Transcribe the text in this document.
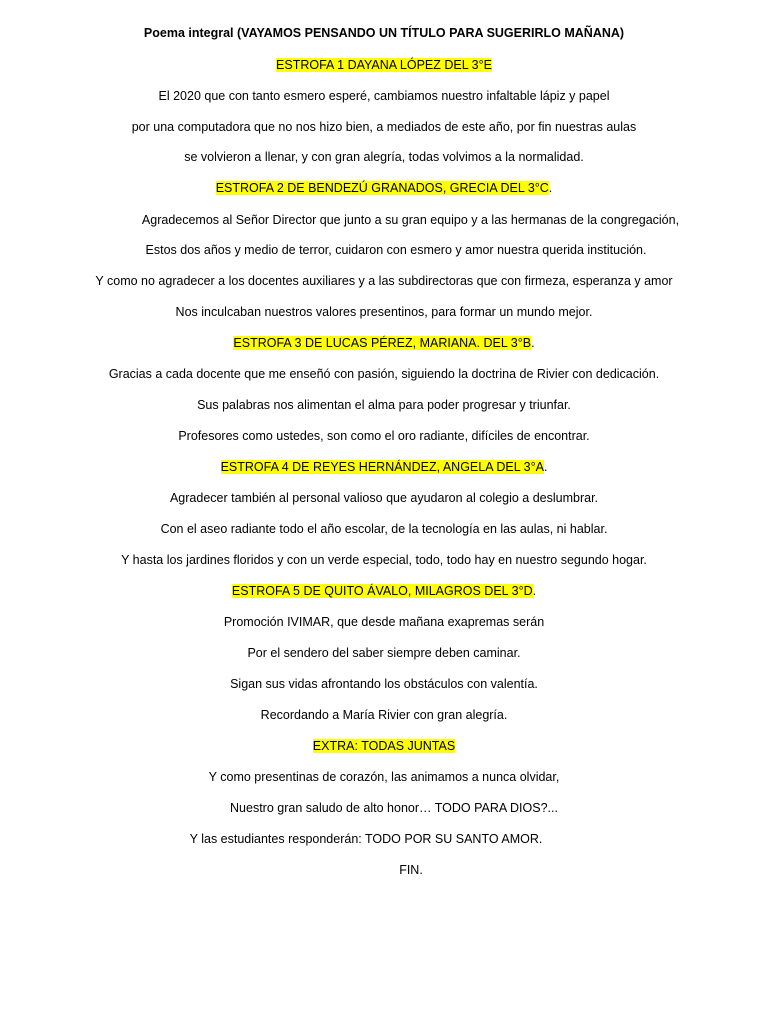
Poema integral (VAYAMOS PENSANDO UN TÍTULO PARA SUGERIRLO MAÑANA)
ESTROFA 1 DAYANA LÓPEZ DEL 3°E
El 2020 que con tanto esmero esperé, cambiamos nuestro infaltable lápiz y papel
por una computadora que no nos hizo bien, a mediados de este año, por fin nuestras aulas
se volvieron a llenar, y con gran alegría, todas volvimos a la normalidad.
ESTROFA 2 DE BENDEZÚ GRANADOS, GRECIA DEL 3°C.
Agradecemos al Señor Director que junto a su gran equipo y a las hermanas de la congregación,
Estos dos años y medio de terror, cuidaron con esmero y amor nuestra querida institución.
Y como no agradecer a los docentes auxiliares y a las subdirectoras que con firmeza, esperanza y amor
Nos inculcaban nuestros valores presentinos, para formar un mundo mejor.
ESTROFA 3 DE LUCAS PÉREZ, MARIANA. DEL 3°B.
Gracias a cada docente que me enseñó con pasión, siguiendo la doctrina de Rivier con dedicación.
Sus palabras nos alimentan el alma para poder progresar y triunfar.
Profesores como ustedes, son como el oro radiante, difíciles de encontrar.
ESTROFA 4 DE REYES HERNÁNDEZ, ANGELA DEL 3°A.
Agradecer también al personal valioso que ayudaron al colegio a deslumbrar.
Con el aseo radiante todo el año escolar, de la tecnología en las aulas, ni hablar.
Y hasta los jardines floridos y con un verde especial, todo, todo hay en nuestro segundo hogar.
ESTROFA 5 DE QUITO ÁVALO, MILAGROS DEL 3°D.
Promoción IVIMAR, que desde mañana exapremas serán
Por el sendero del saber siempre deben caminar.
Sigan sus vidas afrontando los obstáculos con valentía.
Recordando a María Rivier con gran alegría.
EXTRA: TODAS JUNTAS
Y como presentinas de corazón, las animamos a nunca olvidar,
Nuestro gran saludo de alto honor… TODO PARA DIOS?...
Y las estudiantes responderán: TODO POR SU SANTO AMOR.
FIN.
